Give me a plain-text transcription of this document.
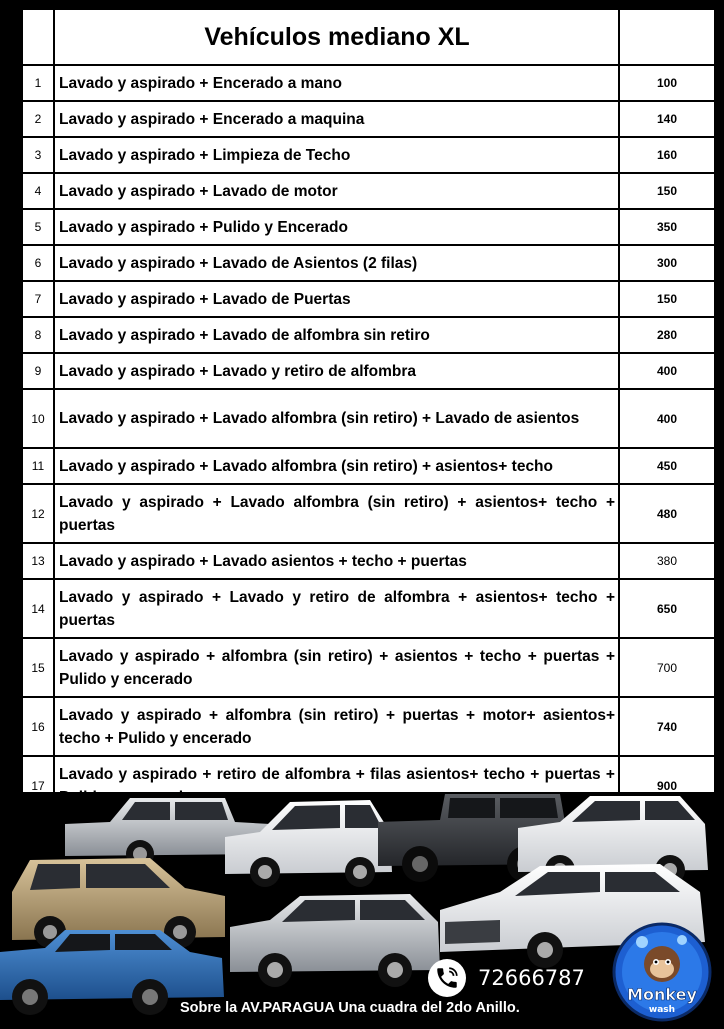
	Vehículos mediano XL	
1	Lavado y aspirado + Encerado a mano	100
2	Lavado y aspirado + Encerado a maquina	140
3	Lavado y aspirado + Limpieza de Techo	160
4	Lavado y aspirado + Lavado de motor	150
5	Lavado y aspirado + Pulido y Encerado	350
6	Lavado y aspirado + Lavado de Asientos (2 filas)	300
7	Lavado y aspirado + Lavado de Puertas	150
8	Lavado y aspirado + Lavado de alfombra sin retiro	280
9	Lavado y aspirado + Lavado y retiro de alfombra	400
10	Lavado y aspirado + Lavado alfombra (sin retiro) + Lavado de asientos	400
11	Lavado y aspirado + Lavado alfombra (sin retiro) + asientos+ techo	450
12	Lavado y aspirado + Lavado alfombra (sin retiro) + asientos+ techo + puertas	480
13	Lavado y aspirado + Lavado asientos + techo + puertas	380
14	Lavado y aspirado + Lavado y retiro de alfombra + asientos+ techo + puertas	650
15	Lavado y aspirado + alfombra (sin retiro) + asientos + techo + puertas + Pulido y encerado	700
16	Lavado y aspirado + alfombra (sin retiro) + puertas + motor+ asientos+ techo + Pulido y encerado	740
17	Lavado y aspirado + retiro de alfombra + filas asientos+ techo + puertas +	900
72666787
Sobre la AV.PARAGUA Una cuadra del 2do Anillo.
Monkey
wash
